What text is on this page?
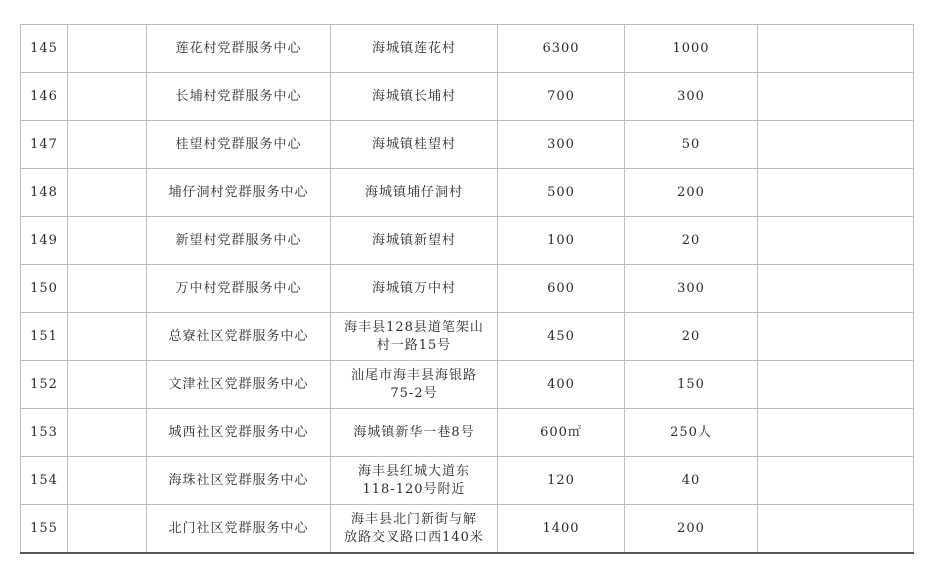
145		莲花村党群服务中心	海城镇莲花村	6300	1000	
146		长埔村党群服务中心	海城镇长埔村	700	300	
147		桂望村党群服务中心	海城镇桂望村	300	50	
148		埔仔洞村党群服务中心	海城镇埔仔洞村	500	200	
149		新望村党群服务中心	海城镇新望村	100	20	
150		万中村党群服务中心	海城镇万中村	600	300	
151		总寮社区党群服务中心	海丰县128县道笔架山
村一路15号	450	20	
152		文津社区党群服务中心	汕尾市海丰县海银路
75-2号	400	150	
153		城西社区党群服务中心	海城镇新华一巷8号	600㎡	250人	
154		海珠社区党群服务中心	海丰县红城大道东
118-120号附近	120	40	
155		北门社区党群服务中心	海丰县北门新街与解
放路交叉路口西140米	1400	200	
